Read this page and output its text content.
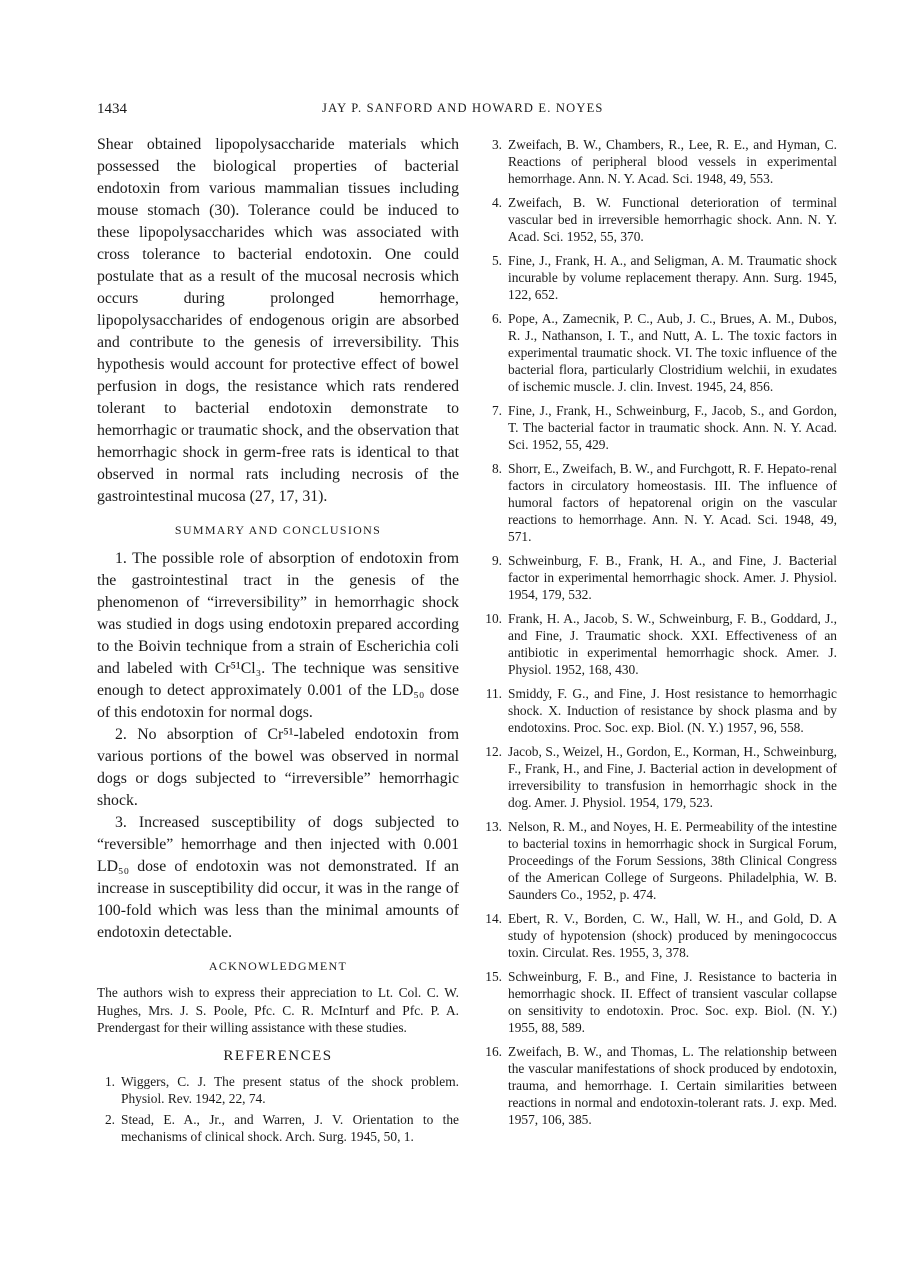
1434	JAY P. SANFORD AND HOWARD E. NOYES

Shear obtained lipopolysaccharide materials which possessed the biological properties of bacterial endotoxin from various mammalian tissues including mouse stomach (30). Tolerance could be induced to these lipopolysaccharides which was associated with cross tolerance to bacterial endotoxin. One could postulate that as a result of the mucosal necrosis which occurs during prolonged hemorrhage, lipopolysaccharides of endogenous origin are absorbed and contribute to the genesis of irreversibility. This hypothesis would account for protective effect of bowel perfusion in dogs, the resistance which rats rendered tolerant to bacterial endotoxin demonstrate to hemorrhagic or traumatic shock, and the observation that hemorrhagic shock in germ-free rats is identical to that observed in normal rats including necrosis of the gastrointestinal mucosa (27, 17, 31).

SUMMARY AND CONCLUSIONS

1. The possible role of absorption of endotoxin from the gastrointestinal tract in the genesis of the phenomenon of “irreversibility” in hemorrhagic shock was studied in dogs using endotoxin prepared according to the Boivin technique from a strain of Escherichia coli and labeled with Cr⁵¹Cl₃. The technique was sensitive enough to detect approximately 0.001 of the LD₅₀ dose of this endotoxin for normal dogs.

2. No absorption of Cr⁵¹-labeled endotoxin from various portions of the bowel was observed in normal dogs or dogs subjected to “irreversible” hemorrhagic shock.

3. Increased susceptibility of dogs subjected to “reversible” hemorrhage and then injected with 0.001 LD₅₀ dose of endotoxin was not demonstrated. If an increase in susceptibility did occur, it was in the range of 100-fold which was less than the minimal amounts of endotoxin detectable.

ACKNOWLEDGMENT

The authors wish to express their appreciation to Lt. Col. C. W. Hughes, Mrs. J. S. Poole, Pfc. C. R. McInturf and Pfc. P. A. Prendergast for their willing assistance with these studies.

REFERENCES
1. Wiggers, C. J. The present status of the shock problem. Physiol. Rev. 1942, 22, 74.
2. Stead, E. A., Jr., and Warren, J. V. Orientation to the mechanisms of clinical shock. Arch. Surg. 1945, 50, 1.
3. Zweifach, B. W., Chambers, R., Lee, R. E., and Hyman, C. Reactions of peripheral blood vessels in experimental hemorrhage. Ann. N. Y. Acad. Sci. 1948, 49, 553.
4. Zweifach, B. W. Functional deterioration of terminal vascular bed in irreversible hemorrhagic shock. Ann. N. Y. Acad. Sci. 1952, 55, 370.
5. Fine, J., Frank, H. A., and Seligman, A. M. Traumatic shock incurable by volume replacement therapy. Ann. Surg. 1945, 122, 652.
6. Pope, A., Zamecnik, P. C., Aub, J. C., Brues, A. M., Dubos, R. J., Nathanson, I. T., and Nutt, A. L. The toxic factors in experimental traumatic shock. VI. The toxic influence of the bacterial flora, particularly Clostridium welchii, in exudates of ischemic muscle. J. clin. Invest. 1945, 24, 856.
7. Fine, J., Frank, H., Schweinburg, F., Jacob, S., and Gordon, T. The bacterial factor in traumatic shock. Ann. N. Y. Acad. Sci. 1952, 55, 429.
8. Shorr, E., Zweifach, B. W., and Furchgott, R. F. Hepato-renal factors in circulatory homeostasis. III. The influence of humoral factors of hepatorenal origin on the vascular reactions to hemorrhage. Ann. N. Y. Acad. Sci. 1948, 49, 571.
9. Schweinburg, F. B., Frank, H. A., and Fine, J. Bacterial factor in experimental hemorrhagic shock. Amer. J. Physiol. 1954, 179, 532.
10. Frank, H. A., Jacob, S. W., Schweinburg, F. B., Goddard, J., and Fine, J. Traumatic shock. XXI. Effectiveness of an antibiotic in experimental hemorrhagic shock. Amer. J. Physiol. 1952, 168, 430.
11. Smiddy, F. G., and Fine, J. Host resistance to hemorrhagic shock. X. Induction of resistance by shock plasma and by endotoxins. Proc. Soc. exp. Biol. (N. Y.) 1957, 96, 558.
12. Jacob, S., Weizel, H., Gordon, E., Korman, H., Schweinburg, F., Frank, H., and Fine, J. Bacterial action in development of irreversibility to transfusion in hemorrhagic shock in the dog. Amer. J. Physiol. 1954, 179, 523.
13. Nelson, R. M., and Noyes, H. E. Permeability of the intestine to bacterial toxins in hemorrhagic shock in Surgical Forum, Proceedings of the Forum Sessions, 38th Clinical Congress of the American College of Surgeons. Philadelphia, W. B. Saunders Co., 1952, p. 474.
14. Ebert, R. V., Borden, C. W., Hall, W. H., and Gold, D. A study of hypotension (shock) produced by meningococcus toxin. Circulat. Res. 1955, 3, 378.
15. Schweinburg, F. B., and Fine, J. Resistance to bacteria in hemorrhagic shock. II. Effect of transient vascular collapse on sensitivity to endotoxin. Proc. Soc. exp. Biol. (N. Y.) 1955, 88, 589.
16. Zweifach, B. W., and Thomas, L. The relationship between the vascular manifestations of shock produced by endotoxin, trauma, and hemorrhage. I. Certain similarities between reactions in normal and endotoxin-tolerant rats. J. exp. Med. 1957, 106, 385.
